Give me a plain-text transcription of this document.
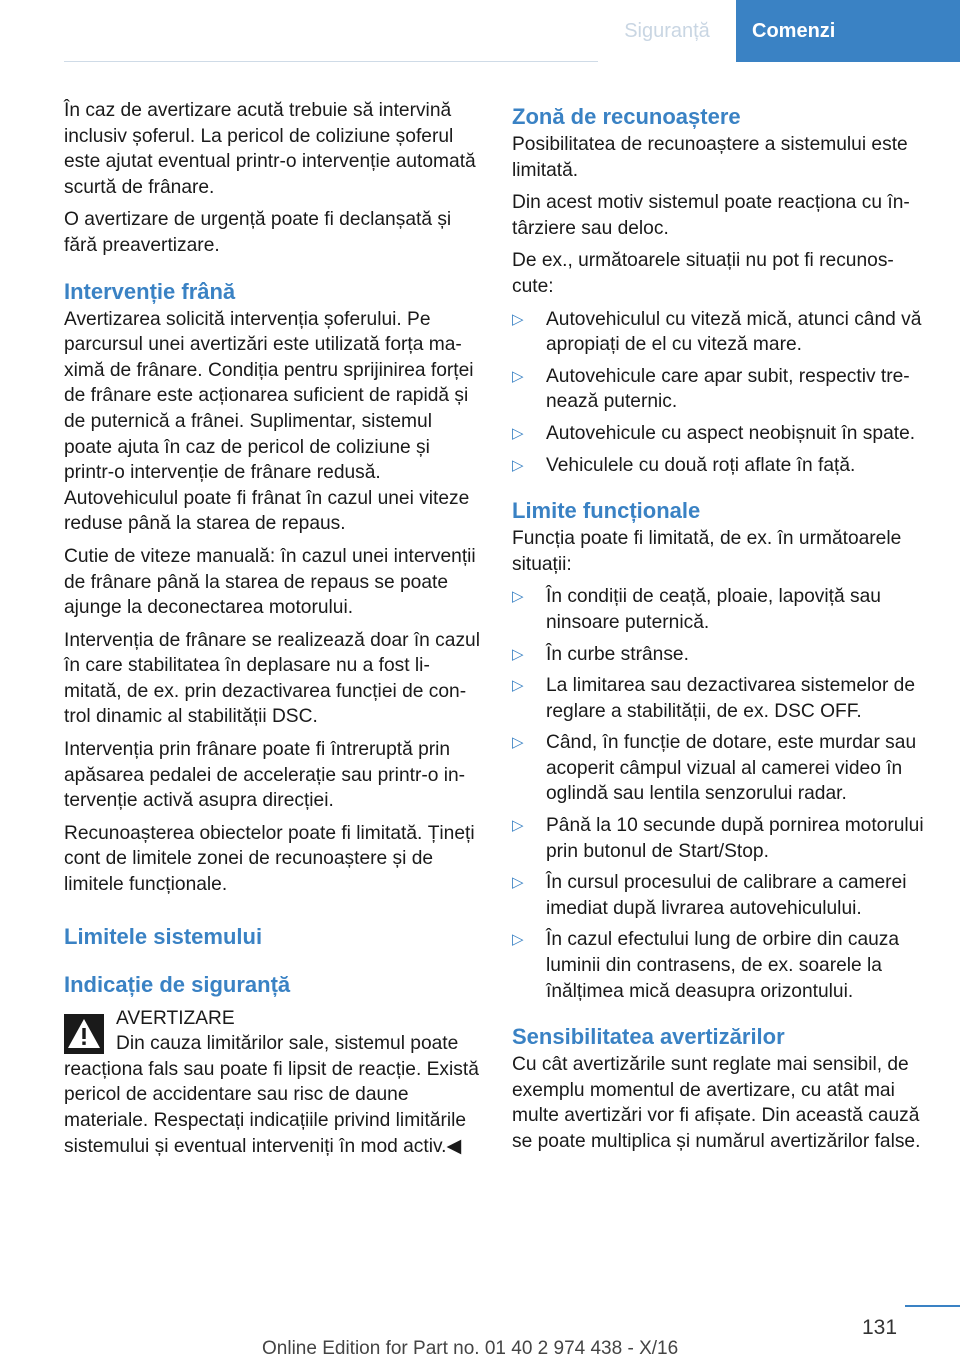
Siguranță	Comenzi

În caz de avertizare acută trebuie să intervină inclusiv șoferul. La pericol de coliziune șoferul este ajutat eventual printr-o intervenție automată scurtă de frânare.

O avertizare de urgență poate fi declanșată și fără preavertizare.

Intervenție frână

Avertizarea solicită intervenția șoferului. Pe parcursul unei avertizări este utilizată forța maximă de frânare. Condiția pentru sprijinirea forței de frânare este acționarea suficient de rapidă și de puternică a frânei. Suplimentar, sistemul poate ajuta în caz de pericol de coliziune și printr-o intervenție de frânare redusă. Autovehiculul poate fi frânat în cazul unei viteze reduse până la starea de repaus.

Cutie de viteze manuală: în cazul unei intervenții de frânare până la starea de repaus se poate ajunge la deconectarea motorului.

Intervenția de frânare se realizează doar în cazul în care stabilitatea în deplasare nu a fost limitată, de ex. prin dezactivarea funcției de control dinamic al stabilității DSC.

Intervenția prin frânare poate fi întreruptă prin apăsarea pedalei de accelerație sau printr-o intervenție activă asupra direcției.

Recunoașterea obiectelor poate fi limitată. Țineți cont de limitele zonei de recunoaștere și de limitele funcționale.

Limitele sistemului
Indicație de siguranță
AVERTIZARE
Din cauza limitărilor sale, sistemul poate
reacționa fals sau poate fi lipsit de reacție. Există pericol de accidentare sau risc de daune materiale. Respectați indicațiile privind limitările sistemului și eventual interveniți în mod activ.◀
Zonă de recunoaștere

Posibilitatea de recunoaștere a sistemului este limitată.

Din acest motiv sistemul poate reacționa cu întârziere sau deloc.

De ex., următoarele situații nu pot fi recunoscute:

▷ Autovehiculul cu viteză mică, atunci când vă apropiați de el cu viteză mare.
▷ Autovehicule care apar subit, respectiv trenează puternic.
▷ Autovehicule cu aspect neobișnuit în spate.
▷ Vehiculele cu două roți aflate în față.
Limite funcționale

Funcția poate fi limitată, de ex. în următoarele situații:

▷ În condiții de ceață, ploaie, lapoviță sau ninsoare puternică.
▷ În curbe strânse.
▷ La limitarea sau dezactivarea sistemelor de reglare a stabilității, de ex. DSC OFF.
▷ Când, în funcție de dotare, este murdar sau acoperit câmpul vizual al camerei video în oglindă sau lentila senzorului radar.
▷ Până la 10 secunde după pornirea motorului prin butonul de Start/Stop.
▷ În cursul procesului de calibrare a camerei imediat după livrarea autovehiculului.
▷ În cazul efectului lung de orbire din cauza luminii din contrasens, de ex. soarele la înălțimea mică deasupra orizontului.
Sensibilitatea avertizărilor

Cu cât avertizările sunt reglate mai sensibil, de exemplu momentul de avertizare, cu atât mai multe avertizări vor fi afișate. Din această cauză se poate multiplica și numărul avertizărilor false.

131
Online Edition for Part no. 01 40 2 974 438 - X/16
